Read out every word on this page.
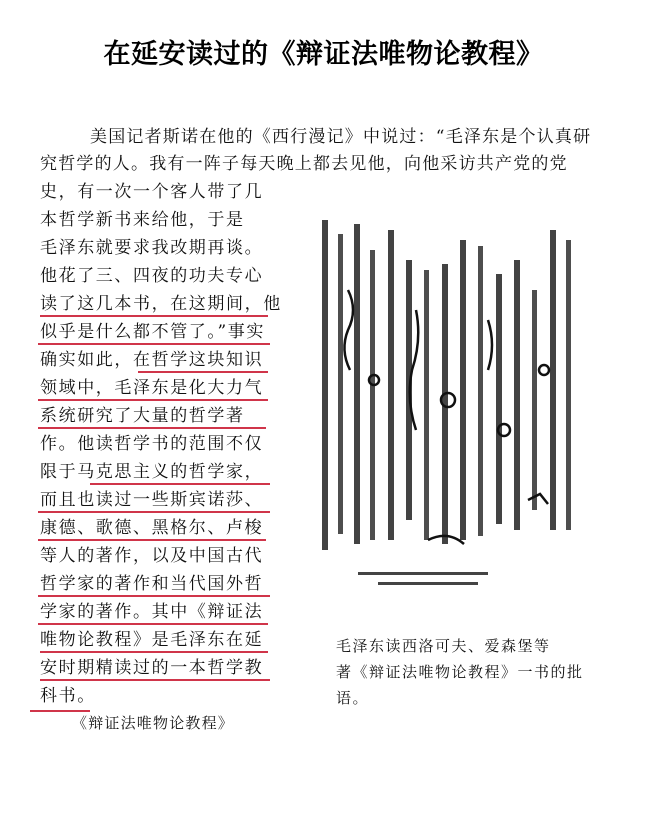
在延安读过的《辩证法唯物论教程》
美国记者斯诺在他的《西行漫记》中说过：“毛泽东是个认真研
究哲学的人。我有一阵子每天晚上都去见他，向他采访共产党的党
史，有一次一个客人带了几
本哲学新书来给他，于是
毛泽东就要求我改期再谈。
他花了三、四夜的功夫专心
读了这几本书，在这期间，他
似乎是什么都不管了。”事实
确实如此，在哲学这块知识
领域中，毛泽东是化大力气
系统研究了大量的哲学著
作。他读哲学书的范围不仅
限于马克思主义的哲学家，
而且也读过一些斯宾诺莎、
康德、歌德、黑格尔、卢梭
等人的著作，以及中国古代
哲学家的著作和当代国外哲
学家的著作。其中《辩证法
唯物论教程》是毛泽东在延
安时期精读过的一本哲学教
科书。
毛泽东读西洛可夫、爱森堡等
著《辩证法唯物论教程》一书的批
语。
《辩证法唯物论教程》
